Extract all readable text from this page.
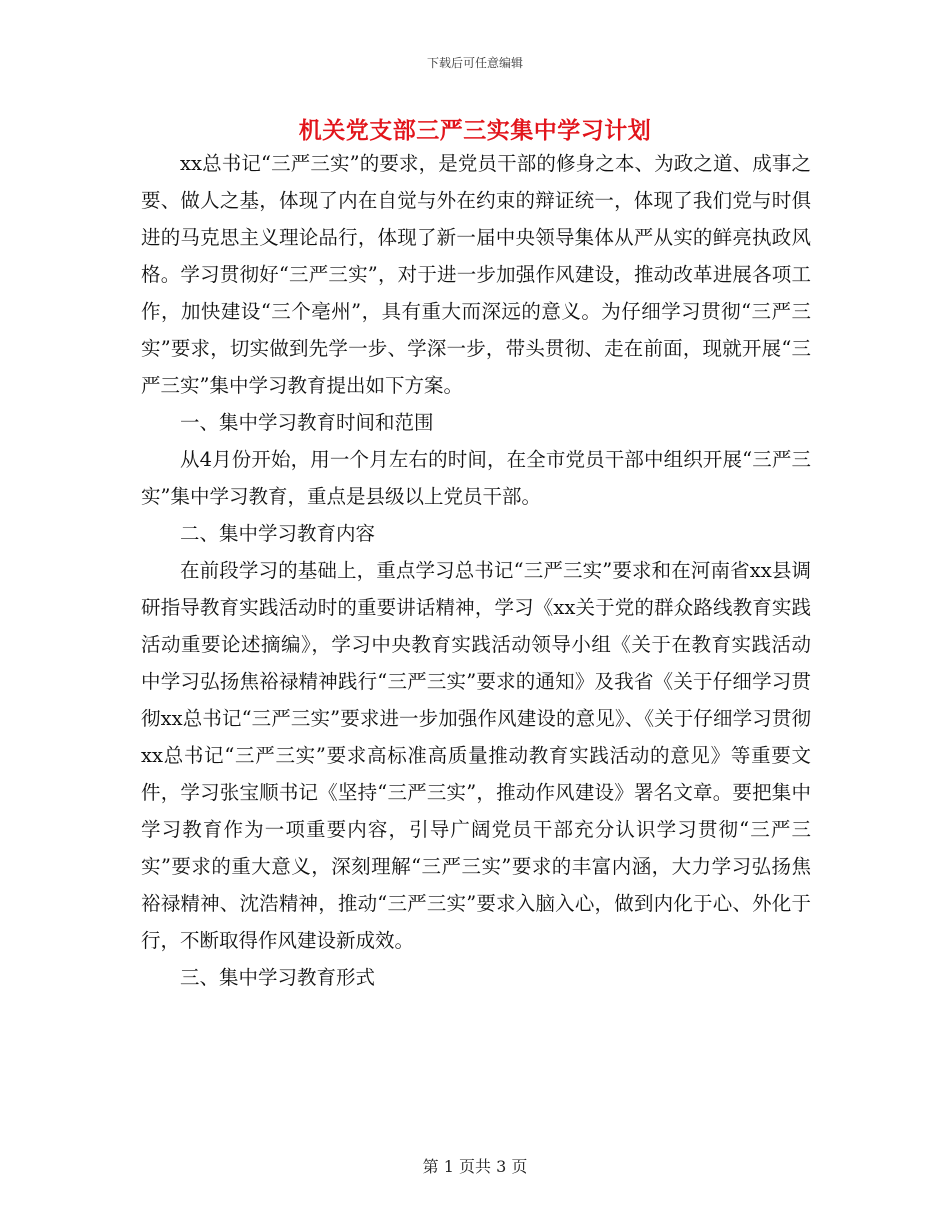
下载后可任意编辑
机关党支部三严三实集中学习计划

xx总书记“三严三实”的要求，是党员干部的修身之本、为政之道、成事之要、做人之基，体现了内在自觉与外在约束的辩证统一，体现了我们党与时俱进的马克思主义理论品行，体现了新一届中央领导集体从严从实的鲜亮执政风格。学习贯彻好“三严三实”，对于进一步加强作风建设，推动改革进展各项工作，加快建设“三个亳州”，具有重大而深远的意义。为仔细学习贯彻“三严三实”要求，切实做到先学一步、学深一步，带头贯彻、走在前面，现就开展“三严三实”集中学习教育提出如下方案。

一、集中学习教育时间和范围

从4月份开始，用一个月左右的时间，在全市党员干部中组织开展“三严三实”集中学习教育，重点是县级以上党员干部。

二、集中学习教育内容

在前段学习的基础上，重点学习总书记“三严三实”要求和在河南省xx县调研指导教育实践活动时的重要讲话精神，学习《xx关于党的群众路线教育实践活动重要论述摘编》，学习中央教育实践活动领导小组《关于在教育实践活动中学习弘扬焦裕禄精神践行“三严三实”要求的通知》及我省《关于仔细学习贯彻xx总书记“三严三实”要求进一步加强作风建设的意见》、《关于仔细学习贯彻xx总书记“三严三实”要求高标准高质量推动教育实践活动的意见》等重要文件，学习张宝顺书记《坚持“三严三实”，推动作风建设》署名文章。要把集中学习教育作为一项重要内容，引导广阔党员干部充分认识学习贯彻“三严三实”要求的重大意义，深刻理解“三严三实”要求的丰富内涵，大力学习弘扬焦裕禄精神、沈浩精神，推动“三严三实”要求入脑入心，做到内化于心、外化于行，不断取得作风建设新成效。

三、集中学习教育形式

第 1 页共 3 页
